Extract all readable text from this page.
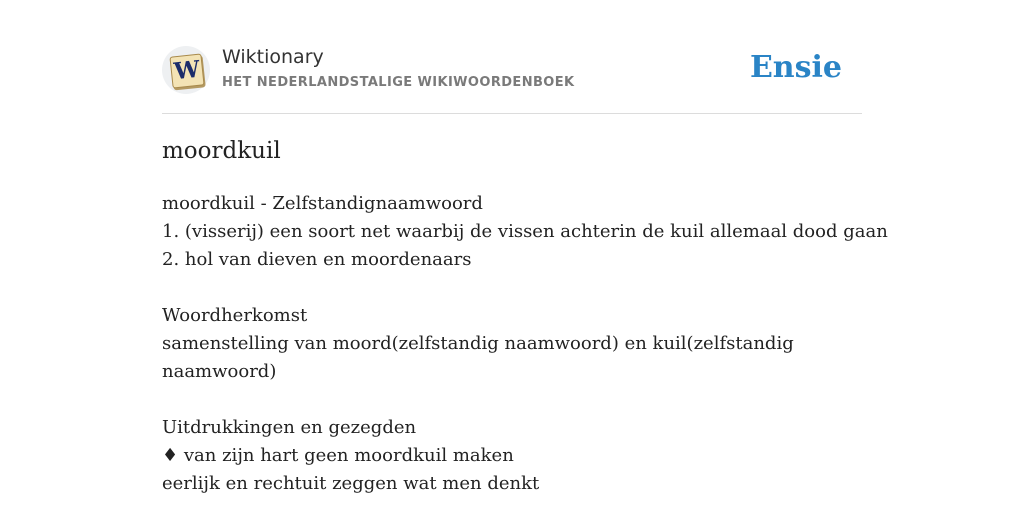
W Wiktionary
HET NEDERLANDSTALIGE WIKIWOORDENBOEK	Ensie
moordkuil
moordkuil - Zelfstandignaamwoord
1. (visserij) een soort net waarbij de vissen achterin de kuil allemaal dood gaan
2. hol van dieven en moordenaars
Woordherkomst
samenstelling van moord(zelfstandig naamwoord) en kuil(zelfstandig naamwoord)
Uitdrukkingen en gezegden
♦ van zijn hart geen moordkuil maken
eerlijk en rechtuit zeggen wat men denkt
